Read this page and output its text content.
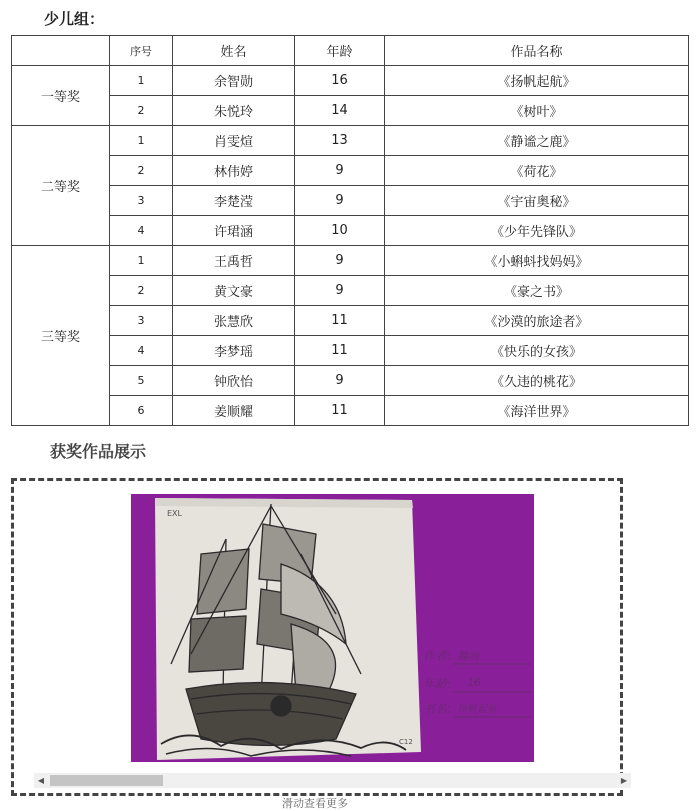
少儿组：
	序号	姓名	年龄	作品名称
一等奖	1	余智勋	16	《扬帆起航》
	2	朱悦玲	14	《树叶》
二等奖	1	肖雯煊	13	《静谧之鹿》
	2	林伟婷	9	《荷花》
	3	李楚滢	9	《宇宙奥秘》
	4	许珺涵	10	《少年先锋队》
三等奖	1	王禹哲	9	《小蝌蚪找妈妈》
	2	黄文豪	9	《豪之书》
	3	张慧欣	11	《沙漠的旅途者》
	4	李梦瑶	11	《快乐的女孩》
	5	钟欣怡	9	《久违的桃花》
	6	姜顺耀	11	《海洋世界》
获奖作品展示
EXL
C12
作者: 魏画
年龄: 16
书名: 扬帆起航
◀	▶
滑动查看更多
